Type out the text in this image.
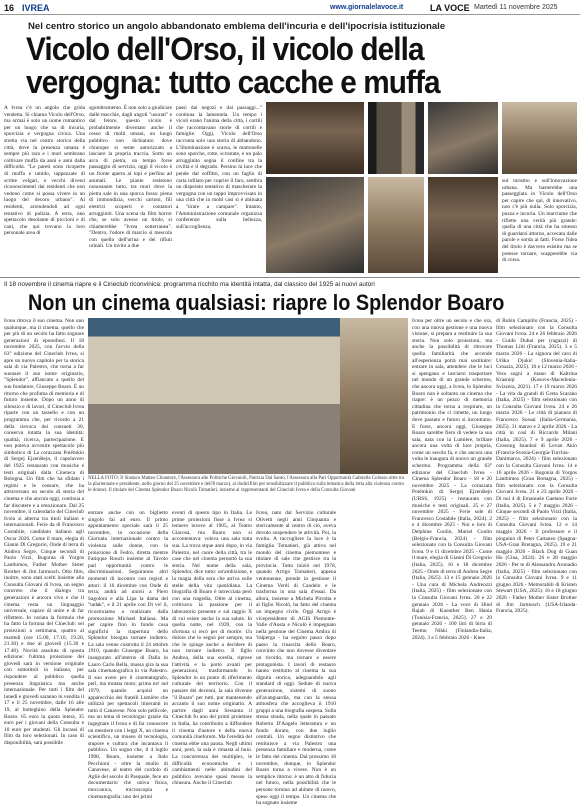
16 IVREA	www.giornalelavoce.it	LA VOCE Martedì 11 novembre 2025
Nel centro storico un angolo abbandonato emblema dell'incuria e dell'ipocrisia istituzionale
Vicolo dell'Orso, il vicolo della
vergogna: tutto cacche e muffa
A Ivrea c'è un angolo che grida vendetta. Si chiama Vicolo dell'Orso, ma ormai è solo un nome romantico per un luogo che sa di incuria, sporcizia e vergogna civica. Una stretta via nel centro storico della città, dove la presenza umana è sempre più rara e i muri sembrano coltivare muffa da anni e anni dalla difficoltà. "Le pareti sono ricoperte di muffa e umido, tappezzate di scritte volgari, e vecchi diversi riconoscimenti dai residenti che non vedono come si possa vivere in un luogo del decoro urbano". Ai residenti, arrendendoli ad ogni tentativo di pulizia. A terra, uno spettacolo desolante di piccioni e di cani, che qui trovano la loro personale area di
sgombramento. È non solo a giudicare dalle macchie, dagli angoli "usurati" e dal fetore, questo vicolo è probabilmente diventato anche il cesso di molti umani, un luogo pubblico non dichiarato dove chiunque si sente autorizzato a lasciare la propria traccia. Sotto un arco di pietra, un tempo forse passaggio di servizio, oggi il vicolo è un fronte aperto ai topi e perfino ad animali. Le piante resistono nonostante tutto, tra muri dove la pietra sale in una sporca fossa: piena di immondizia, vecchi cartoni, fili elettrici scoperti e contatori arrugginiti. Una scena da film horror che, se solo avesse un titolo, si chiamerebbe "Ivrea sotterranea". "Dentro, l'odore di marcio si mescola con quello dell'urina e dei rifiuti urinali. Un invito a due
passi dai negozi e dai passaggi..." continua la lamentela. Un tempo i vicoli erano l'anima della città, i cortili che raccontavano storie di cortili e famiglie. Oggi, Vicolo dell'Orso racconta solo una storia di abbandono. L'illuminazione è scarsa, le mattonelle sono sporche, rotte, scrostate, e un palo arrugginito segna il confine tra la civiltà e il degrado. Persino la luce che pende dal soffitto, con un faglio di carta infilato per coprire il faro, sembra un disperato tentativo di mascherare la vergogna con un tappo improvvisato in una città che in molti casi si è abituata a "tirare a campare". Intanto, l'Amministrazione comunale organizza conferenze sulla bellezza, sull'accoglienza,
sul turismo e sull'innovazione urbana. Ma basterebbe una passeggiata in Vicolo dell'Orso per capire che qui, di innovativo, non c'è più nulla. Solo sporcizia, puzza e incuria. Un marciume che riflette una verità più grande: quella di una città che ha smesso di guardarsi attorno, accecata dalle parole e sorda ai fatti. Forse l'idea del titolo è davvero esistito ma se potesse tornare, scapperebbe via di corsa.
Il 18 novembre il cinema riapre e il Cineclub riconvinica: programma ricchito ma identità intatta, dal classico del 1925 ai nuovi autori
Non un cinema qualsiasi: riapre lo Splendor Boaro
Ivrea ritrova il suo cinema. Non uno qualunque, ma il cinema, quello che per più di un secolo ha fatto sognare generazioni di eporediesi. Il 18 novembre 2025, con l'avvio della 63° edizione del Cineclub Ivrea, si apre un nuovo capitolo per la storica sala di via Palestro, che torna a far suonare il suo nome originario, "Splendor", affiancato a quello del suo fondatore, Giuseppe Boaro. È un ritorno che profuma di memoria e di futuro insieme. Dopo un anno di silenzio e di lavori, il Cineclub Ivrea riparte con un tassello e con un programma che, per ricordo a 21 della rievoca dei consueti 30, conserva intatta la sua identità: qualità, ricerca, partecipazione. E non poteva avvenire spettacolo più simbolico di La corazzata Potëmkin di Sergej Ejzenštejn, il capolavoro del 1925 restaurato con musiche e testi originali dalla Cineteca di Bologna. Un film che ha sfidato i regimi e le censure, che ha attraversato un secolo di storia del cinema e che ancora oggi, continua a far discutere e a emozionare. Dal 25 novembre, il calendario del Cineclub Ivrea si alterna tra titoli italiani e internazionali. Ferie da di Francesco Costabile, candidato italiano agli Oscar 2026. Come il mare, elegia di Gianni Di Gregorio, Onde di terra di Andrea Segre, Cinque secondi di Paolo Virzì, Bugonia di Yorgos Lanthimos, Father Mother Sister Brother di Jim Jarmusch. Otto film, inoltre, sono stati scelti insieme alla Consulta Giovani di Ivrea, un segno concreto che il dialogo tra generazioni è ancora vivo e che il cinema resta un linguaggio universale, capace di unire e di far riflettere. In variata la formula che ha fatto la fortuna del Cineclub: sei proiezioni a settimana, quattro al martedì (ore 15.00, 17.10, 19.20, 21.30) e due al giovedì (15.30 e 17.40). Novità assoluta di questa edizione: l'ultima proiezione dei giovedì sarà in versione originale con sottotitoli in italiano, per rispondere al pubblico quella presenza linguistica ma anche internazionale. Per tutti i film del lunedì e giovedì saranno in vendita il 17 e il 25 novembre, dalle 16 alle 19, al botteghino della Splendor Boaro. 65 euro la quota intera, 35 euro per i giovani della Consulta e 10 euro per studenti. Gli incassi di film da loro selezionati. In caso di disponibilità, sarà possibile
NELLA FOTO: Il Sindaco Matteo Chiantore, l'Assessora alle Politiche Giovanili, Patrizia Dal Santo, l'Assessora alla Pari Opportunità Gabriella Colosso oltre tra la pluriennale e presidente, nello giorno del 25 novembre e dell'8 marzo), ai dodicifilm per sensibilizzare il pubblico sulla tematica della lotta alla violenza contro le donne). Il titolare del Cinema Splendor Boaro Nicolò Tomatieri, insieme ai rappresentanti del Cineclub Ivrea e della Consulta Giovani
entrare anche con un biglietto singolo fai ad euro. Il primo appuntamento speciale sarà il 25 novembre, in occasione della Giornata internazionale contro la violenza sulle donne, con la proiezione di Fedro, diretta mentre Fatiqque Rouch insieme al Tavolo pari opportunità contro le discriminazioni. Seguiranno altri momenti di incontro con registi e attori: il 16 dicembre con Onde di terra, andrà ad unirsi a Piero Sagoloni e alla Lipa la dama del "tadak", e il 21 aprile con Di ve! il, ricostruiamo a realizzato dalla promozione Michael Italiana. Ma per capire fino in fondo cosa significhi la riapertura dello Splendor bisogna tornare indietro. La sala venne costruita il 24 ottobre 1910, quando Giuseppe Boaro, ha inaugurato all'interno di Dalla in Lauro Carlo Bella, mussa gira la sua sala cinematografica in via Palestro. Il suo avere per il cinematografo, perì, ma mutata moto; prima ne! nel 1979, quando acquisì un apparecchio dei fratelli Lumière che utilizzò per spettacoli itineranti in tutto il Canavese. Non solo pellicole, ma un tema di tecnologia: grazie da ingegnare il Ivrea e di far conoscere un mestiere con i leggi X, un cinema scientifico, un museo di tecnologia, stupore e cultura che incantava il pubblico. Un sogno che, il 4 luglio 1998, Boaro, insieme a Italo Pecchioni - oltre la studio di Canavese, al teatro del cordolo di Agliè del secolo di Pasquale, fece un documentario che univa fisica, meccanica, microscopia e cinematografia: uno dei primi
eventi di questo tipo in Italia. Le prime proiezioni fisse a Ivrea si tennero invece al 1905, al Teatro Giacosa, ma Boaro non si accontentava: voleva una sala tutta sua. La trova stque anni dopo, in via Palestro, nel cuore della città, tra le case che nel cinema pernottò la sua storia. Nel nome della sala, Splendor, dice tutto: un'ambizione, e la magia della sera che arriva sulle stelle della vita quotidiana. La biografia di Boaro è intrecciata però con una tragedia. Oltre al cinema, coltivava la passione per il laboratorio presente e sul raggio X di cui esiste anche la sua salute. In quella notte, nel 1939, con la sfortuna si recò per di morire. Un dolore che lo segnò per sempre, ma che lo spinge anche a decidere di non tornare indietro. Il figlio Andrea, della sua sorella, riprese l'attività e la portò avanti per generazioni, trasformando lo Splendor in un punto di riferimento culturale del territorio. Con il passare dei decenni, la sala divenne "il Boaro" per tutti, pur mantenendo accanto il suo nome originario. A partire dagli anni Sessanta il Cineclub fu uno dei primi proiettare in Italia, ha contribuito a diffondere il cinema d'autore e della nuova comunità cineforum. Ma l'eredità del cinema ebbe una pausa. Negli ultimi anni, però, la sala è rimasta al buio. La concorrenza dei multiplex, le difficoltà economiche e i cambiamenti nelle abitudini del pubblico avevano quasi messo la chiusura. Anche il Cineclub
Ivrea, nato dal Servizio culturale Olivetti negli anni Cinquanta e storicamente al centro di ciò, aveva dovuto sospendere le attività. Poi, la svolta. A raccogliere la luce è la famiglia Tomatieri, già attiva nel mondo del cinema piemontese e titolare di sale che gestisce tra la provincia. Tutto iniziò nel 1978, quando Arrigo Tomatieri, appena ventunenne, prende in gestione il Cinema Verdi di Candelo e le trasforma in una sala d'essai. Da allora, insieme a Michela Pirrotta e al figlio Nicolò, ha fatto del cinema un impegno civile. Oggi Arrigo è vicepresidente di AGIS Piemonte-Valle d'Aosta e Nicolò è impegnato nella gestione del Cinema Ambra di Valperga - ha seguito passo dopo passo la rinascita dello Boaro, convinto che non dovesse diventare un ricordo, ma tornare a essere protagonista. I lavori di restauro hanno restituito al cinema la sua dignità storica, adeguandolo agli standard di oggi. Sedute di nuova generazione, sistemi di suono all'avanguardia, ma con la stessa atmosfera che accoglieva il 1910 gruppi a una biografia sospesa. Sulla stessa strada, nella quale in passato Roberto D'Angelo letteratura e un fondo dorato, con due luglio centrali. Un segno distintivo che restituisce a via Palestro una presenza familiare e moderna, come le fatto del cinema. Dal prossimo 18 novembre, dunque, lo Splendor Boaro torna a vivere. Non è un semplice ritorno: è un atto di fiducia nel futuro, nella possibilità che le persone tornino ad abitare di nuovo, spese oggi il tempo. Un cinema che ha sognato insieme
Ivrea per oltre un secolo e che ora, con una nuova gestione e una nuova visione, si prepara a restituire la sua storia. Non solo proiezioni, ma anche la possibilità di ritrovare quella familiarità che accende all'esperienza potrà mai sostituire: entrare in sala, attendere che le luci si spengano e lasciarsi trasportare nel mondo di un grande schermo, che ancora oggi, a Ivrea, lo Splendor Boaro non è soltanto un cinema che riapre: è un pezzo di memoria cittadina che torna a respirare, un patrimonio che ci rimette, un luogo dove passato e futuro si incontrano. E forse, ancora oggi, Giuseppe Boaro sarebbe fiero di vedere la sua sala, nata con la Lumière, brillare ancora una volta di luce propria, come un secolo fa, e che ancora una volta le inaugura di nuovo un grande schermo. Programma della 63° edizione del Cineclub Ivrea - Cinema Splendor Boaro - 18 e 20 novembre 2025 - La corazzata Potëmkin di Sergej Ejzenštejn (URSS, 1925) - restaurato con musiche e testi originali. 25 e 27 novembre 2025 - Ferie sole di Francesco Costabile (Italia, 2024). 2 e 4 dicembre 2025 - Noi e loro di Delphine Coulin, Muriel Coulin (Belgio-Francia, 2024) - film selezionato con la Consulta Giovani Ivrea. 9 e 11 dicembre 2025 - Come il mare, elegia di Gianni Di Gregorio (Italia, 2025). 16 e 18 dicembre 2025 - Onde di terra di Andrea Segre (Italia, 2025). 13 e 15 gennaio 2026 - Una cura di Michela Andreozzi (Italia, 2025) - film selezionato con la Consulta Giovani Ivrea. 20 e 22 gennaio 2026 - La voce di Hind Rajab di Kaouther Ben Hania (Tunisia-Francia, 2025). 27 e 29 gennaio 2026 - 100 litri di birra di Teemu Nikki (Finlandia-Italia, 2024). 3 e 5 febbraio 2026 - Knee
di Robin Campillo (Francia, 2025) - film selezionato con la Consulta Giovani Ivrea. 24 e 26 febbraio 2026 - Guido Dubai per (ragazzi) di Thomas Lilti (Francia, 2025). 3 e 5 marzo 2026 - La signora del caro di Urška Djukić (Slovenia-Italia-Croazia, 2025). 10 e 12 marzo 2026 - Vera sogni a mano di Kaltrina Krasniqi (Kosovo-Macedonia-Svizzera, 2021). 17 e 19 marzo 2026 - La vita da grandi di Greta Scarano (Italia, 2025) - film selezionato con la Consulta Giovani Ivrea. 24 e 26 marzo 2026 - Le città di pianura di Francesco Sossai (Italia-Germania, 2025). 31 marzo e 2 aprile 2026 - La città in così di Riccardo Milani (Italia, 2025). 7 e 9 aprile 2026 - Crossing Istanbul di Levan Akin (Francia-Svezia-Georgia-Turchia-Danimarca, 2024) - film selezionato con la Consulta Giovani Ivrea. 14 e 16 aprile 2026 - Bugonia di Yorgos Lanthimos (Gran Bretagna, 2025) - film selezionato con la Consulta Giovani Ivrea. 21 e 23 aprile 2026 - Di noi 4 di Emanuele Gaetano Forte (Italia, 2025). 5 e 7 maggio 2026 - Cinque secondi di Paolo Virzì (Italia, 2025) - film selezionato con la Consulta Giovani Ivrea. 12 e 14 maggio 2026 - Il professore e il pinguino di Peter Cattaneo (Spagna-USA-Gran Bretagna, 2025). 19 e 21 maggio 2026 - Black Dog di Guan Hu (Cina, 2024). 26 e 28 maggio 2026 - Per te di Alessandro Aronadio (Italia, 2025) - film selezionato con la Consulta Giovani Ivrea. 9 e 11 giugno 2026 - Memorabili di Kristen Stewart (USA, 2025). 16 e 18 giugno 2026 - Father Mother Sister Brother di Jim Jarmusch (USA-Irlanda-Francia, 2025).
